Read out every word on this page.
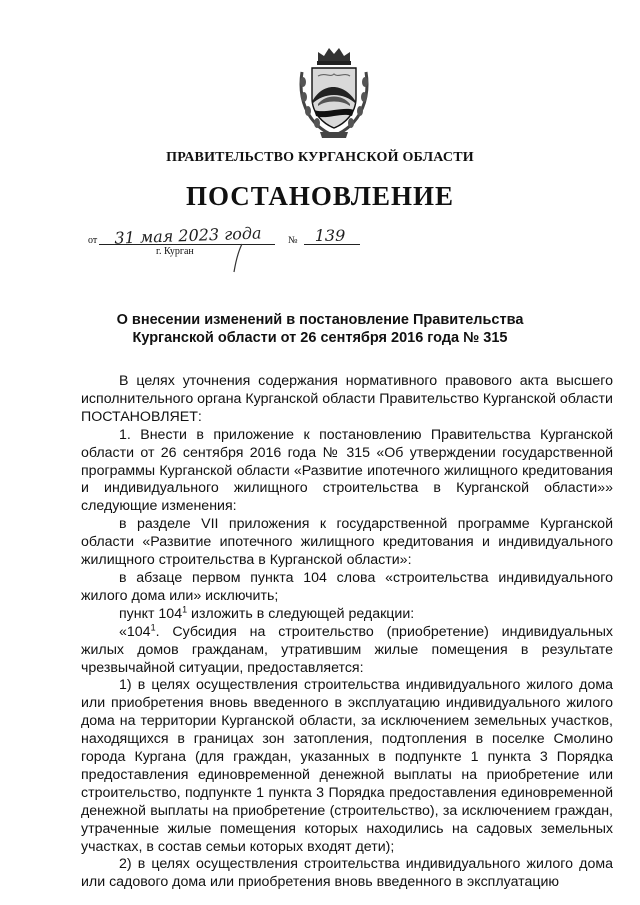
ПРАВИТЕЛЬСТВО КУРГАНСКОЙ ОБЛАСТИ
ПОСТАНОВЛЕНИЕ
от	31 мая 2023 года	№ 139
г. Курган
О внесении изменений в постановление Правительства
Курганской области от 26 сентября 2016 года № 315

В целях уточнения содержания нормативного правового акта высшего исполнительного органа Курганской области Правительство Курганской области

ПОСТАНОВЛЯЕТ:

1. Внести в приложение к постановлению Правительства Курганской области от 26 сентября 2016 года № 315 «Об утверждении государственной программы Курганской области «Развитие ипотечного жилищного кредитования и индивидуального жилищного строительства в Курганской области»» следующие изменения:

в разделе VII приложения к государственной программе Курганской области «Развитие ипотечного жилищного кредитования и индивидуального жилищного строительства в Курганской области»:

в абзаце первом пункта 104 слова «строительства индивидуального жилого дома или» исключить;

пункт $104^1$ изложить в следующей редакции:

«$104^1$. Субсидия на строительство (приобретение) индивидуальных жилых домов гражданам, утратившим жилые помещения в результате чрезвычайной ситуации, предоставляется:

1) в целях осуществления строительства индивидуального жилого дома или приобретения вновь введенного в эксплуатацию индивидуального жилого дома на территории Курганской области, за исключением земельных участков, находящихся в границах зон затопления, подтопления в поселке Смолино города Кургана (для граждан, указанных в подпункте 1 пункта 3 Порядка предоставления единовременной денежной выплаты на приобретение или строительство, подпункте 1 пункта 3 Порядка предоставления единовременной денежной выплаты на приобретение (строительство), за исключением граждан, утраченные жилые помещения которых находились на садовых земельных участках, в состав семьи которых входят дети);

2) в целях осуществления строительства индивидуального жилого дома или садового дома или приобретения вновь введенного в эксплуатацию
